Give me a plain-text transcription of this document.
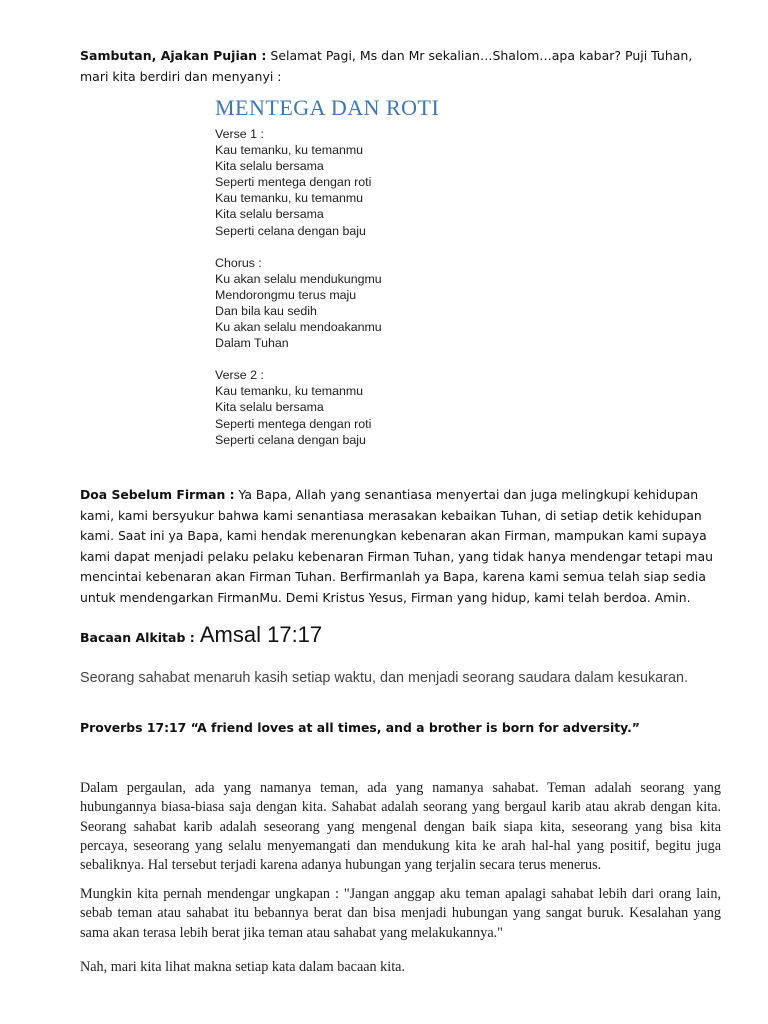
Sambutan, Ajakan Pujian : Selamat Pagi, Ms dan Mr sekalian…Shalom…apa kabar? Puji Tuhan, mari kita berdiri dan menyanyi :
MENTEGA DAN ROTI
Verse 1 :
Kau temanku, ku temanmu
Kita selalu bersama
Seperti mentega dengan roti
Kau temanku, ku temanmu
Kita selalu bersama
Seperti celana dengan baju
Chorus :
Ku akan selalu mendukungmu
Mendorongmu terus maju
Dan bila kau sedih
Ku akan selalu mendoakanmu
Dalam Tuhan
Verse 2 :
Kau temanku, ku temanmu
Kita selalu bersama
Seperti mentega dengan roti
Seperti celana dengan baju
Doa Sebelum Firman : Ya Bapa, Allah yang senantiasa menyertai dan juga melingkupi kehidupan kami, kami bersyukur bahwa kami senantiasa merasakan kebaikan Tuhan, di setiap detik kehidupan kami. Saat ini ya Bapa, kami hendak merenungkan kebenaran akan Firman, mampukan kami supaya kami dapat menjadi pelaku pelaku kebenaran Firman Tuhan, yang tidak hanya mendengar tetapi mau mencintai kebenaran akan Firman Tuhan. Berfirmanlah ya Bapa, karena kami semua telah siap sedia untuk mendengarkan FirmanMu. Demi Kristus Yesus, Firman yang hidup, kami telah berdoa. Amin.
Bacaan Alkitab : Amsal 17:17
Seorang sahabat menaruh kasih setiap waktu, dan menjadi seorang saudara dalam kesukaran.
Proverbs 17:17 “A friend loves at all times, and a brother is born for adversity.”
Dalam pergaulan, ada yang namanya teman, ada yang namanya sahabat. Teman adalah seorang yang hubungannya biasa-biasa saja dengan kita. Sahabat adalah seorang yang bergaul karib atau akrab dengan kita. Seorang sahabat karib adalah seseorang yang mengenal dengan baik siapa kita, seseorang yang bisa kita percaya, seseorang yang selalu menyemangati dan mendukung kita ke arah hal-hal yang positif, begitu juga sebaliknya. Hal tersebut terjadi karena adanya hubungan yang terjalin secara terus menerus.
Mungkin kita pernah mendengar ungkapan : "Jangan anggap aku teman apalagi sahabat lebih dari orang lain, sebab teman atau sahabat itu bebannya berat dan bisa menjadi hubungan yang sangat buruk. Kesalahan yang sama akan terasa lebih berat jika teman atau sahabat yang melakukannya."
Nah, mari kita lihat makna setiap kata dalam bacaan kita.
